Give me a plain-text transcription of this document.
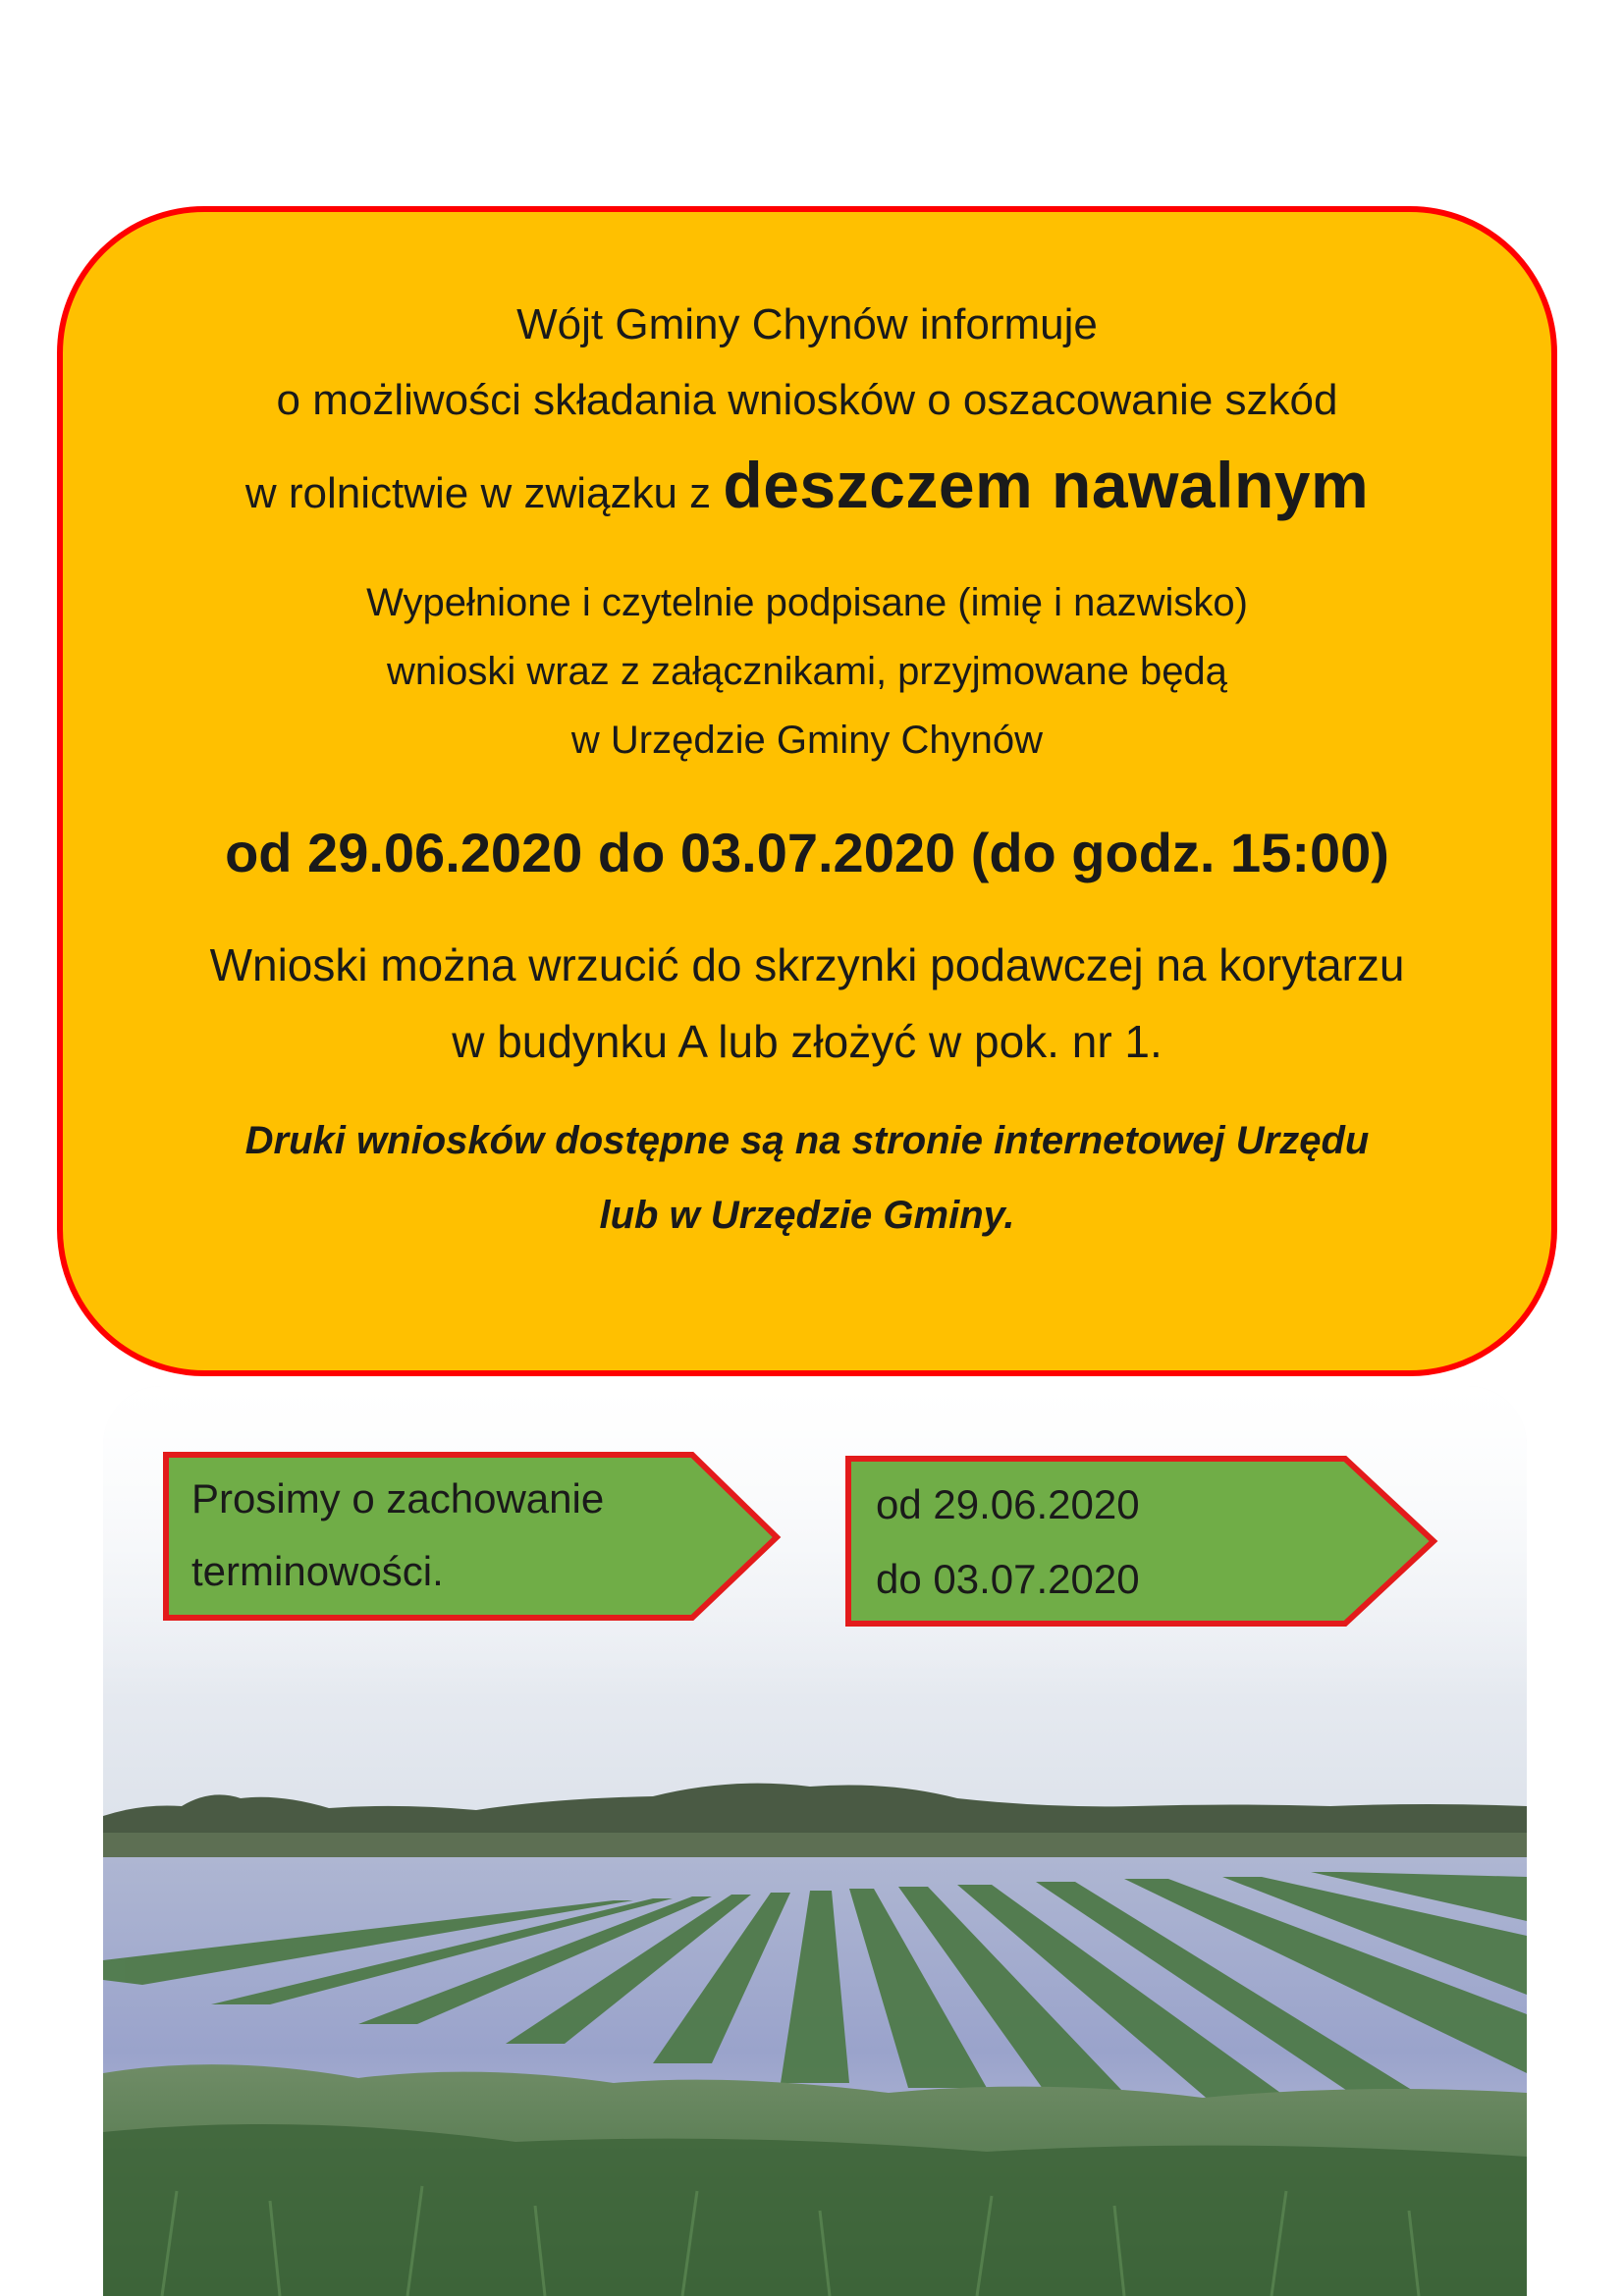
Wójt Gminy Chynów informuje
o możliwości składania wniosków o oszacowanie szkód
w rolnictwie w związku z deszczem nawalnym
Wypełnione i czytelnie podpisane (imię i nazwisko)
wnioski wraz z załącznikami, przyjmowane będą
w Urzędzie Gminy Chynów
od 29.06.2020 do 03.07.2020 (do godz. 15:00)
Wnioski można wrzucić do skrzynki podawczej na korytarzu
w budynku A lub złożyć w pok. nr 1.
Druki wniosków dostępne są na stronie internetowej Urzędu
lub w Urzędzie Gminy.
Prosimy o zachowanie
terminowości.
od 29.06.2020
do 03.07.2020
